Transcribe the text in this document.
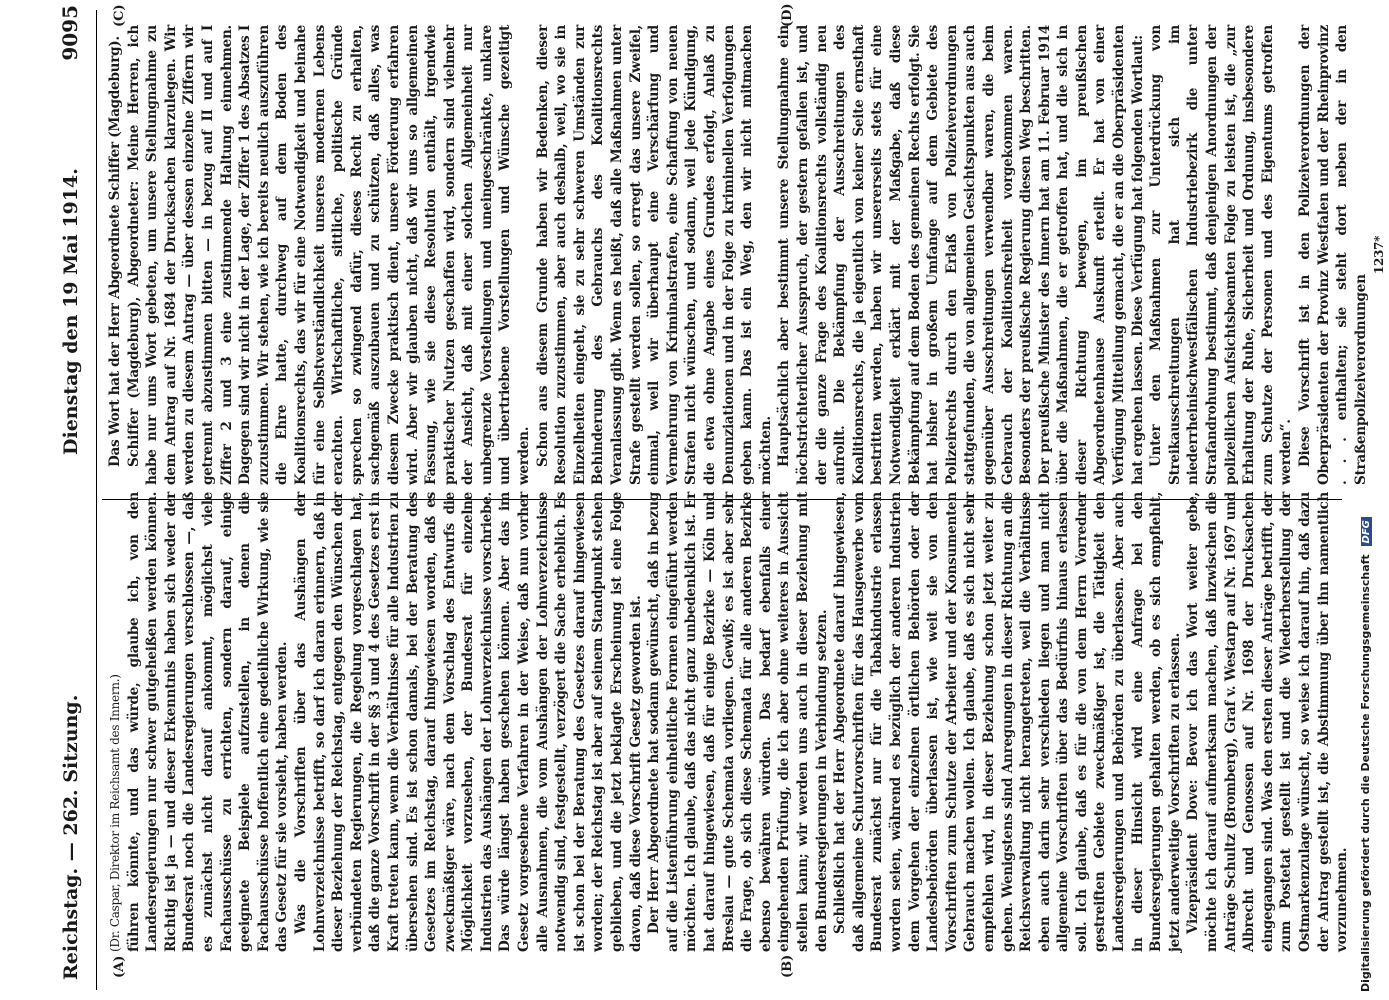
Reichstag. — 262. Sitzung.
Dienstag den 19 Mai 1914.
9095
(A)	(B)
(C)	(D)

(Dr. Caspar, Direktor im Reichsamt des Innern.) führen könnte, und das würde, glaube ich, von den Landesregierungen nur schwer gutgeheißen werden können. Richtig ist ja — und dieser Erkenntnis haben sich weder der Bundesrat noch die Landesregierungen verschlossen —, daß es zunächst nicht darauf ankommt, möglichst viele Fachausschüsse zu errichten, sondern darauf, einige geeignete Beispiele aufzustellen, in denen die Fachausschüsse hoffentlich eine gedeihliche Wirkung, wie sie das Gesetz für sie vorsieht, haben werden. Was die Vorschriften über das Aushängen der Lohnverzeichnisse betrifft, so darf ich daran erinnern, daß in dieser Beziehung der Reichstag, entgegen den Wünschen der verbündeten Regierungen, die Regelung vorgeschlagen hat, daß die ganze Vorschrift in der §§ 3 und 4 des Gesetzes erst in Kraft treten kann, wenn die Verhältnisse für alle Industrien zu übersehen sind. Es ist schon damals, bei der Beratung des Gesetzes im Reichstag, darauf hingewiesen worden, daß es zweckmäßiger wäre, nach dem Vorschlag des Entwurfs die Möglichkeit vorzusehen, der Bundesrat für einzelne Industrien das Aushängen der Lohnverzeichnisse vorschriebe. Das würde längst haben geschehen können. Aber das im Gesetz vorgesehene Verfahren in der Weise, daß nun vorher alle Ausnahmen, die vom Aushängen der Lohnverzeichnisse notwendig sind, festgestellt, verzögert die Sache erheblich. Es ist schon bei der Beratung des Gesetzes darauf hingewiesen worden; der Reichstag ist aber auf seinem Standpunkt stehen geblieben, und die jetzt beklagte Erscheinung ist eine Folge davon, daß diese Vorschrift Gesetz geworden ist. Der Herr Abgeordnete hat sodann gewünscht, daß in bezug auf die Listenführung einheitliche Formen eingeführt werden möchten. Ich glaube, daß das nicht ganz unbedenklich ist. Er hat darauf hingewiesen, daß für einige Bezirke — Köln und Breslau — gute Schemata vorliegen. Gewiß; es ist aber sehr die Frage, ob sich diese Schemata für alle anderen Bezirke ebenso bewähren würden. Das bedarf ebenfalls einer eingehenden Prüfung, die ich aber ohne weiteres in Aussicht stellen kann; wir werden uns auch in dieser Beziehung mit den Bundesregierungen in Verbindung setzen. Schließlich hat der Herr Abgeordnete darauf hingewiesen, daß allgemeine Schutzvorschriften für das Hausgewerbe vom Bundesrat zunächst nur für die Tabakindustrie erlassen worden seien, während es bezüglich der anderen Industrien dem Vorgehen der einzelnen örtlichen Behörden oder der Landesbehörden überlassen ist, wie weit sie von den Vorschriften zum Schutze der Arbeiter und der Konsumenten Gebrauch machen wollen. Ich glaube, daß es sich nicht sehr empfehlen wird, in dieser Beziehung schon jetzt weiter zu gehen. Wenigstens sind Anregungen in dieser Richtung an die Reichsverwaltung nicht herangetreten, weil die Verhältnisse eben auch darin sehr verschieden liegen und man nicht allgemeine Vorschriften über das Bedürfnis hinaus erlassen soll. Ich glaube, daß es für die von dem Herrn Vorredner gestreiften Gebiete zweckmäßiger ist, die Tätigkeit den Landesregierungen und Behörden zu überlassen. Aber auch in dieser Hinsicht wird eine Anfrage bei den Bundesregierungen gehalten werden, ob es sich empfiehlt, jetzt anderweitige Vorschriften zu erlassen. Vizepräsident Dove: Bevor ich das Wort weiter gebe, möchte ich darauf aufmerksam machen, daß inzwischen die Anträge Schultz (Bromberg), Graf v. Westarp auf Nr. 1697 und Albrecht und Genossen auf Nr. 1698 der Drucksachen eingegangen sind. Was den ersten dieser Anträge betrifft, der zum Postetat gestellt ist und die Wiederherstellung der Ostmarkenzulage wünscht, so weise ich darauf hin, daß dazu der Antrag gestellt ist, die Abstimmung über ihn namentlich vorzunehmen.

Das Wort hat der Herr Abgeordnete Schiffer (Magdeburg). Schiffer (Magdeburg), Abgeordneter: Meine Herren, ich habe nur ums Wort gebeten, um unsere Stellungnahme zu dem Antrag auf Nr. 1684 der Drucksachen klarzulegen. Wir werden zu diesem Antrag — über dessen einzelne Ziffern wir getrennt abzustimmen bitten — in bezug auf II und auf I Ziffer 2 und 3 eine zustimmende Haltung einnehmen. Dagegen sind wir nicht in der Lage, der Ziffer 1 des Absatzes I zuzustimmen. Wir stehen, wie ich bereits neulich auszuführen die Ehre hatte, durchweg auf dem Boden des Koalitionsrechts, das wir für eine Notwendigkeit und beinahe für eine Selbstverständlichkeit unseres modernen Lebens erachten. Wirtschaftliche, sittliche, politische Gründe sprechen so zwingend dafür, dieses Recht zu erhalten, sachgemäß auszubauen und zu schützen, daß alles, was diesem Zwecke praktisch dient, unsere Förderung erfahren wird. Aber wir glauben nicht, daß wir uns so allgemeinen Fassung, wie sie diese Resolution enthält, irgendwie praktischer Nutzen geschaffen wird, sondern sind vielmehr der Ansicht, daß mit einer solchen Allgemeinheit nur unbegrenzte Vorstellungen und uneingeschränkte, unklare und übertriebene Vorstellungen und Wünsche gezeitigt werden. Schon aus diesem Grunde haben wir Bedenken, dieser Resolution zuzustimmen, aber auch deshalb, weil, wo sie in Einzelheiten eingeht, sie zu sehr schweren Umständen zur Behinderung des Gebrauchs des Koalitionsrechts Veranlassung gibt. Wenn es heißt, daß alle Maßnahmen unter Strafe gestellt werden sollen, so erregt das unsere Zweifel, einmal, weil wir überhaupt eine Verschärfung und Vermehrung von Kriminalstrafen, eine Schaffung von neuen Strafen nicht wünschen, und sodann, weil jede Kündigung, die etwa ohne Angabe eines Grundes erfolgt, Anlaß zu Denunziationen und in der Folge zu kriminellen Verfolgungen geben kann. Das ist ein Weg, den wir nicht mitmachen möchten. Hauptsächlich aber bestimmt unsere Stellungnahme ein höchstrichterlicher Ausspruch, der gestern gefallen ist, und der die ganze Frage des Koalitionsrechts vollständig neu aufrollt. Die Bekämpfung der Ausschreitungen des Koalitionsrechts, die ja eigentlich von keiner Seite ernsthaft bestritten werden, haben wir unsererseits stets für eine Notwendigkeit erklärt mit der Maßgabe, daß diese Bekämpfung auf dem Boden des gemeinen Rechts erfolgt. Sie hat bisher in großem Umfange auf dem Gebiete des Polizeirechts durch den Erlaß von Polizeiverordnungen stattgefunden, die von allgemeinen Gesichtspunkten aus auch gegenüber Ausschreitungen verwendbar waren, die beim Gebrauch der Koalitionsfreiheit vorgekommen waren. Besonders der preußische Regierung diesen Weg beschritten. Der preußische Minister des Innern hat am 11. Februar 1914 über die Maßnahmen, die er getroffen hat, und die sich in dieser Richtung bewegen, im preußischen Abgeordnetenhause Auskunft erteilt. Er hat von einer Verfügung Mitteilung gemacht, die er an die Oberpräsidenten hat ergehen lassen. Diese Verfügung hat folgenden Wortlaut: Unter den Maßnahmen zur Unterdrückung von Streikausschreitungen hat sich im niederrheinischwestfälischen Industriebezirk die unter Strafandrohung bestimmt, daß denjenigen Anordnungen der polizeilichen Aufsichtsbeamten Folge zu leisten ist, die „zur Erhaltung der Ruhe, Sicherheit und Ordnung, insbesondere zum Schutze der Personen und des Eigentums getroffen werden“. Diese Vorschrift ist in den Polizeiverordnungen der Oberpräsidenten der Provinz Westfalen und der Rheinprovinz . . . enthalten; sie steht dort neben der in den Straßenpolizeiverordnungen

1237*

Digitalisierung gefördert durch die Deutsche Forschungsgemeinschaft DFG
